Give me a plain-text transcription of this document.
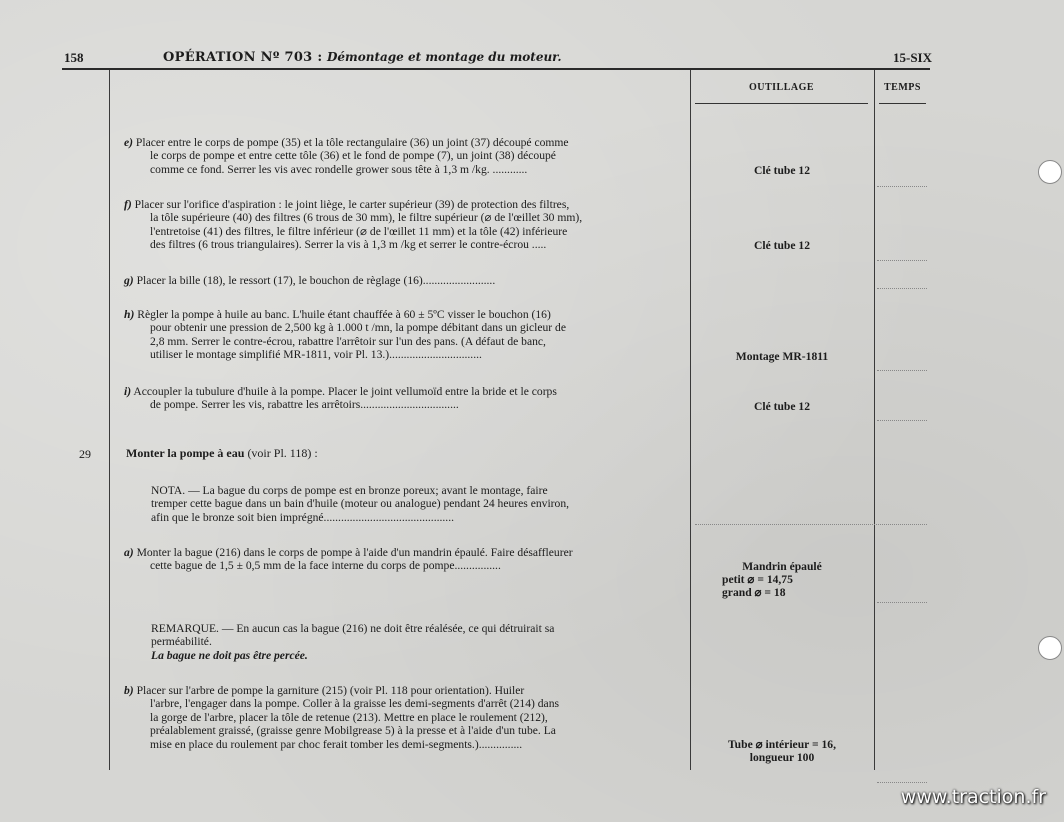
158	OPÉRATION Nº 703 : Démontage et montage du moteur.	15-SIX
OUTILLAGE	TEMPS
e) Placer entre le corps de pompe (35) et la tôle rectangulaire (36) un joint (37) découpé comme
le corps de pompe et entre cette tôle (36) et le fond de pompe (7), un joint (38) découpé
comme ce fond. Serrer les vis avec rondelle grower sous tête à 1,3 m /kg. ............	Clé tube 12
f) Placer sur l'orifice d'aspiration : le joint liège, le carter supérieur (39) de protection des filtres,
la tôle supérieure (40) des filtres (6 trous de 30 mm), le filtre supérieur (⌀ de l'œillet 30 mm),
l'entretoise (41) des filtres, le filtre inférieur (⌀ de l'œillet 11 mm) et la tôle (42) inférieure
des filtres (6 trous triangulaires). Serrer la vis à 1,3 m /kg et serrer le contre-écrou .....	Clé tube 12
g) Placer la bille (18), le ressort (17), le bouchon de règlage (16).........................
h) Règler la pompe à huile au banc. L'huile étant chauffée à 60 ± 5ºC visser le bouchon (16)
pour obtenir une pression de 2,500 kg à 1.000 t /mn, la pompe débitant dans un gicleur de
2,8 mm. Serrer le contre-écrou, rabattre l'arrêtoir sur l'un des pans. (A défaut de banc,
utiliser le montage simplifié MR-1811, voir Pl. 13.)................................	Montage MR-1811
i) Accoupler la tubulure d'huile à la pompe. Placer le joint vellumoïd entre la bride et le corps
de pompe. Serrer les vis, rabattre les arrêtoirs..................................	Clé tube 12
29	Monter la pompe à eau (voir Pl. 118) :
NOTA. — La bague du corps de pompe est en bronze poreux; avant le montage, faire
tremper cette bague dans un bain d'huile (moteur ou analogue) pendant 24 heures environ,
afin que le bronze soit bien imprégné.............................................
a) Monter la bague (216) dans le corps de pompe à l'aide d'un mandrin épaulé. Faire désaffleurer
cette bague de 1,5 ± 0,5 mm de la face interne du corps de pompe................	Mandrin épaulé
petit ⌀ = 14,75
grand ⌀ = 18
REMARQUE. — En aucun cas la bague (216) ne doit être réalésée, ce qui détruirait sa
perméabilité.
La bague ne doit pas être percée.
b) Placer sur l'arbre de pompe la garniture (215) (voir Pl. 118 pour orientation). Huiler
l'arbre, l'engager dans la pompe. Coller à la graisse les demi-segments d'arrêt (214) dans
la gorge de l'arbre, placer la tôle de retenue (213). Mettre en place le roulement (212),
préalablement graissé, (graisse genre Mobilgrease 5) à la presse et à l'aide d'un tube. La
mise en place du roulement par choc ferait tomber les demi-segments.)...............	Tube ⌀ intérieur = 16,
longueur 100
www.traction.fr
